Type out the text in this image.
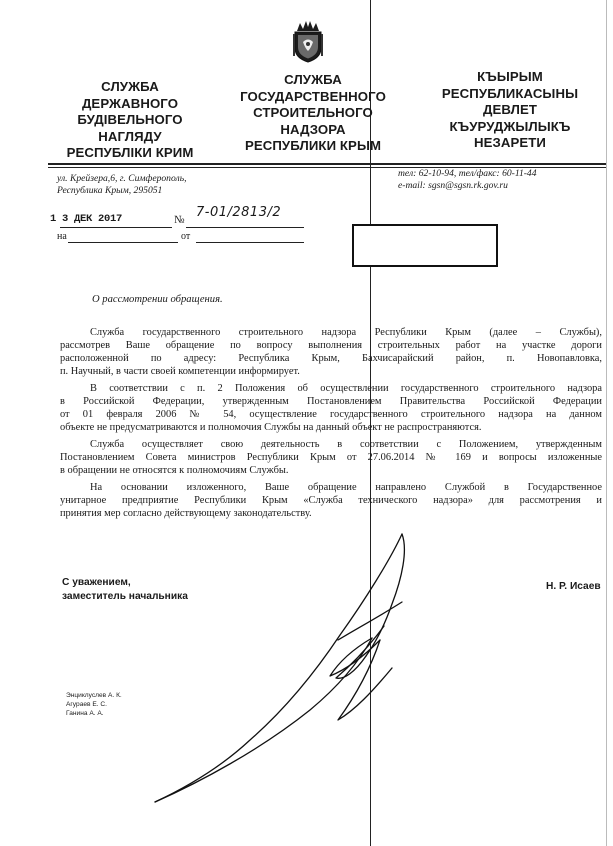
СЛУЖБА
ДЕРЖАВНОГО
БУДІВЕЛЬНОГО
НАГЛЯДУ
РЕСПУБЛІКИ КРИМ
СЛУЖБА
ГОСУДАРСТВЕННОГО
СТРОИТЕЛЬНОГО
НАДЗОРА
РЕСПУБЛИКИ КРЫМ
КЪЫРЫМ
РЕСПУБЛИКАСЫНЫ
ДЕВЛЕТ
КЪУРУДЖЫЛЫКЪ
НЕЗАРЕТИ
ул. Крейзера,6, г. Симферополь,
Республика Крым, 295051
тел: 62-10-94, тел/факс: 60-11-44
e-mail: sgsn@sgsn.rk.gov.ru
1 3 ДЕК 2017	№ 7-01/2813/2
на	от
О рассмотрении обращения.
Служба государственного строительного надзора Республики Крым (далее – Службы),
рассмотрев Ваше обращение по вопросу выполнения строительных работ на участке дороги
расположенной по адресу: Республика Крым, Бахчисарайский район, п. Новопавловка,
п. Научный, в части своей компетенции информирует.
В соответствии с п. 2 Положения об осуществлении государственного строительного надзора
в Российской Федерации, утвержденным Постановлением Правительства Российской Федерации
от 01 февраля 2006 № 54, осуществление государственного строительного надзора на данном
объекте не предусматриваются и полномочия Службы на данный объект не распространяются.
Служба осуществляет свою деятельность в соответствии с Положением, утвержденным
Постановлением Совета министров Республики Крым от 27.06.2014 № 169 и вопросы изложенные
в обращении не относятся к полномочиям Службы.
На основании изложенного, Ваше обращение направлено Службой в Государственное
унитарное предприятие Республики Крым «Служба технического надзора» для рассмотрения и
принятия мер согласно действующему законодательству.
С уважением,
заместитель начальника
Н. Р. Исаев
Энциклуслев А. К.
Агураев Е. С.
Ганина А. А.
